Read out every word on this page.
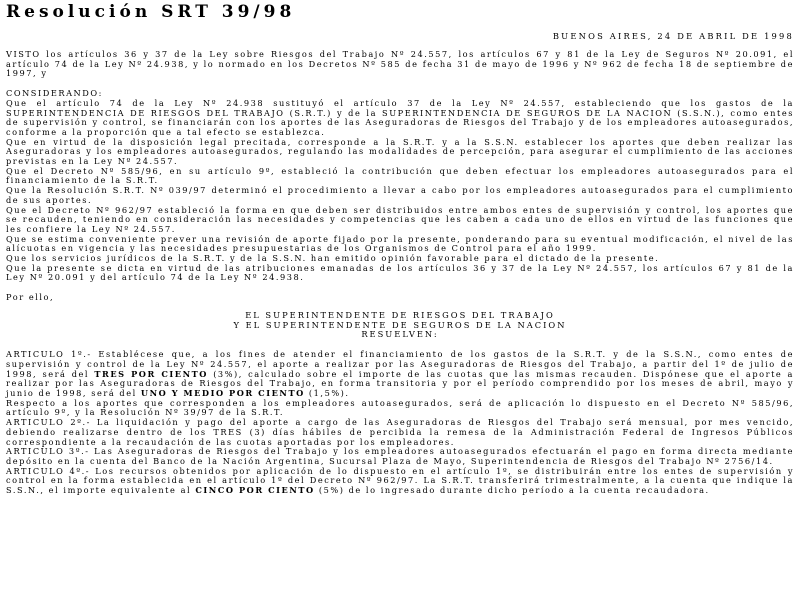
Resolución SRT 39/98

BUENOS AIRES, 24 DE ABRIL DE 1998

VISTO los artículos 36 y 37 de la Ley sobre Riesgos del Trabajo Nº 24.557, los artículos 67 y 81 de la Ley de Seguros Nº 20.091, el artículo 74 de la Ley Nº 24.938, y lo normado en los Decretos Nº 585 de fecha 31 de mayo de 1996 y Nº 962 de fecha 18 de septiembre de 1997, y

CONSIDERANDO:

Que el artículo 74 de la Ley Nº 24.938 sustituyó el artículo 37 de la Ley Nº 24.557, estableciendo que los gastos de la SUPERINTENDENCIA DE RIESGOS DEL TRABAJO (S.R.T.) y de la SUPERINTENDENCIA DE SEGUROS DE LA NACION (S.S.N.), como entes de supervisión y control, se financiarán con los aportes de las Aseguradoras de Riesgos del Trabajo y de los empleadores autoasegurados, conforme a la proporción que a tal efecto se establezca.

Que en virtud de la disposición legal precitada, corresponde a la S.R.T. y a la S.S.N. establecer los aportes que deben realizar las Aseguradoras y los empleadores autoasegurados, regulando las modalidades de percepción, para asegurar el cumplimiento de las acciones previstas en la Ley Nº 24.557.

Que el Decreto Nº 585/96, en su artículo 9º, estableció la contribución que deben efectuar los empleadores autoasegurados para el financiamiento de la S.R.T.

Que la Resolución S.R.T. Nº 039/97 determinó el procedimiento a llevar a cabo por los empleadores autoasegurados para el cumplimiento de sus aportes.

Que el Decreto Nº 962/97 estableció la forma en que deben ser distribuidos entre ambos entes de supervisión y control, los aportes que se recauden, teniendo en consideración las necesidades y competencias que les caben a cada uno de ellos en virtud de las funciones que les confiere la Ley Nº 24.557.

Que se estima conveniente prever una revisión de aporte fijado por la presente, ponderando para su eventual modificación, el nivel de las alícuotas en vigencia y las necesidades presupuestarias de los Organismos de Control para el año 1999.

Que los servicios jurídicos de la S.R.T. y de la S.S.N. han emitido opinión favorable para el dictado de la presente.

Que la presente se dicta en virtud de las atribuciones emanadas de los artículos 36 y 37 de la Ley Nº 24.557, los artículos 67 y 81 de la Ley Nº 20.091 y del artículo 74 de la Ley Nº 24.938.

Por ello,

EL SUPERINTENDENTE DE RIESGOS DEL TRABAJO

Y EL SUPERINTENDENTE DE SEGUROS DE LA NACION

RESUELVEN:

ARTICULO 1º.- Establécese que, a los fines de atender el financiamiento de los gastos de la S.R.T. y de la S.S.N., como entes de supervisión y control de la Ley Nº 24.557, el aporte a realizar por las Aseguradoras de Riesgos del Trabajo, a partir del 1º de julio de 1998, será del TRES POR CIENTO (3%), calculado sobre el importe de las cuotas que las mismas recauden. Dispónese que el aporte a realizar por las Aseguradoras de Riesgos del Trabajo, en forma transitoria y por el período comprendido por los meses de abril, mayo y junio de 1998, será del UNO Y MEDIO POR CIENTO (1,5%).

Respecto a los aportes que corresponden a los empleadores autoasegurados, será de aplicación lo dispuesto en el Decreto Nº 585/96, artículo 9º, y la Resolución Nº 39/97 de la S.R.T.

ARTICULO 2º.- La liquidación y pago del aporte a cargo de las Aseguradoras de Riesgos del Trabajo será mensual, por mes vencido, debiendo realizarse dentro de los TRES (3) días hábiles de percibida la remesa de la Administración Federal de Ingresos Públicos correspondiente a la recaudación de las cuotas aportadas por los empleadores.

ARTICULO 3º.- Las Aseguradoras de Riesgos del Trabajo y los empleadores autoasegurados efectuarán el pago en forma directa mediante depósito en la cuenta del Banco de la Nación Argentina, Sucursal Plaza de Mayo, Superintendencia de Riesgos del Trabajo Nº 2756/14.

ARTICULO 4º.- Los recursos obtenidos por aplicación de lo dispuesto en el artículo 1º, se distribuirán entre los entes de supervisión y control en la forma establecida en el artículo 1º del Decreto Nº 962/97. La S.R.T. transferirá trimestralmente, a la cuenta que indique la S.S.N., el importe equivalente al CINCO POR CIENTO (5%) de lo ingresado durante dicho período a la cuenta recaudadora.
